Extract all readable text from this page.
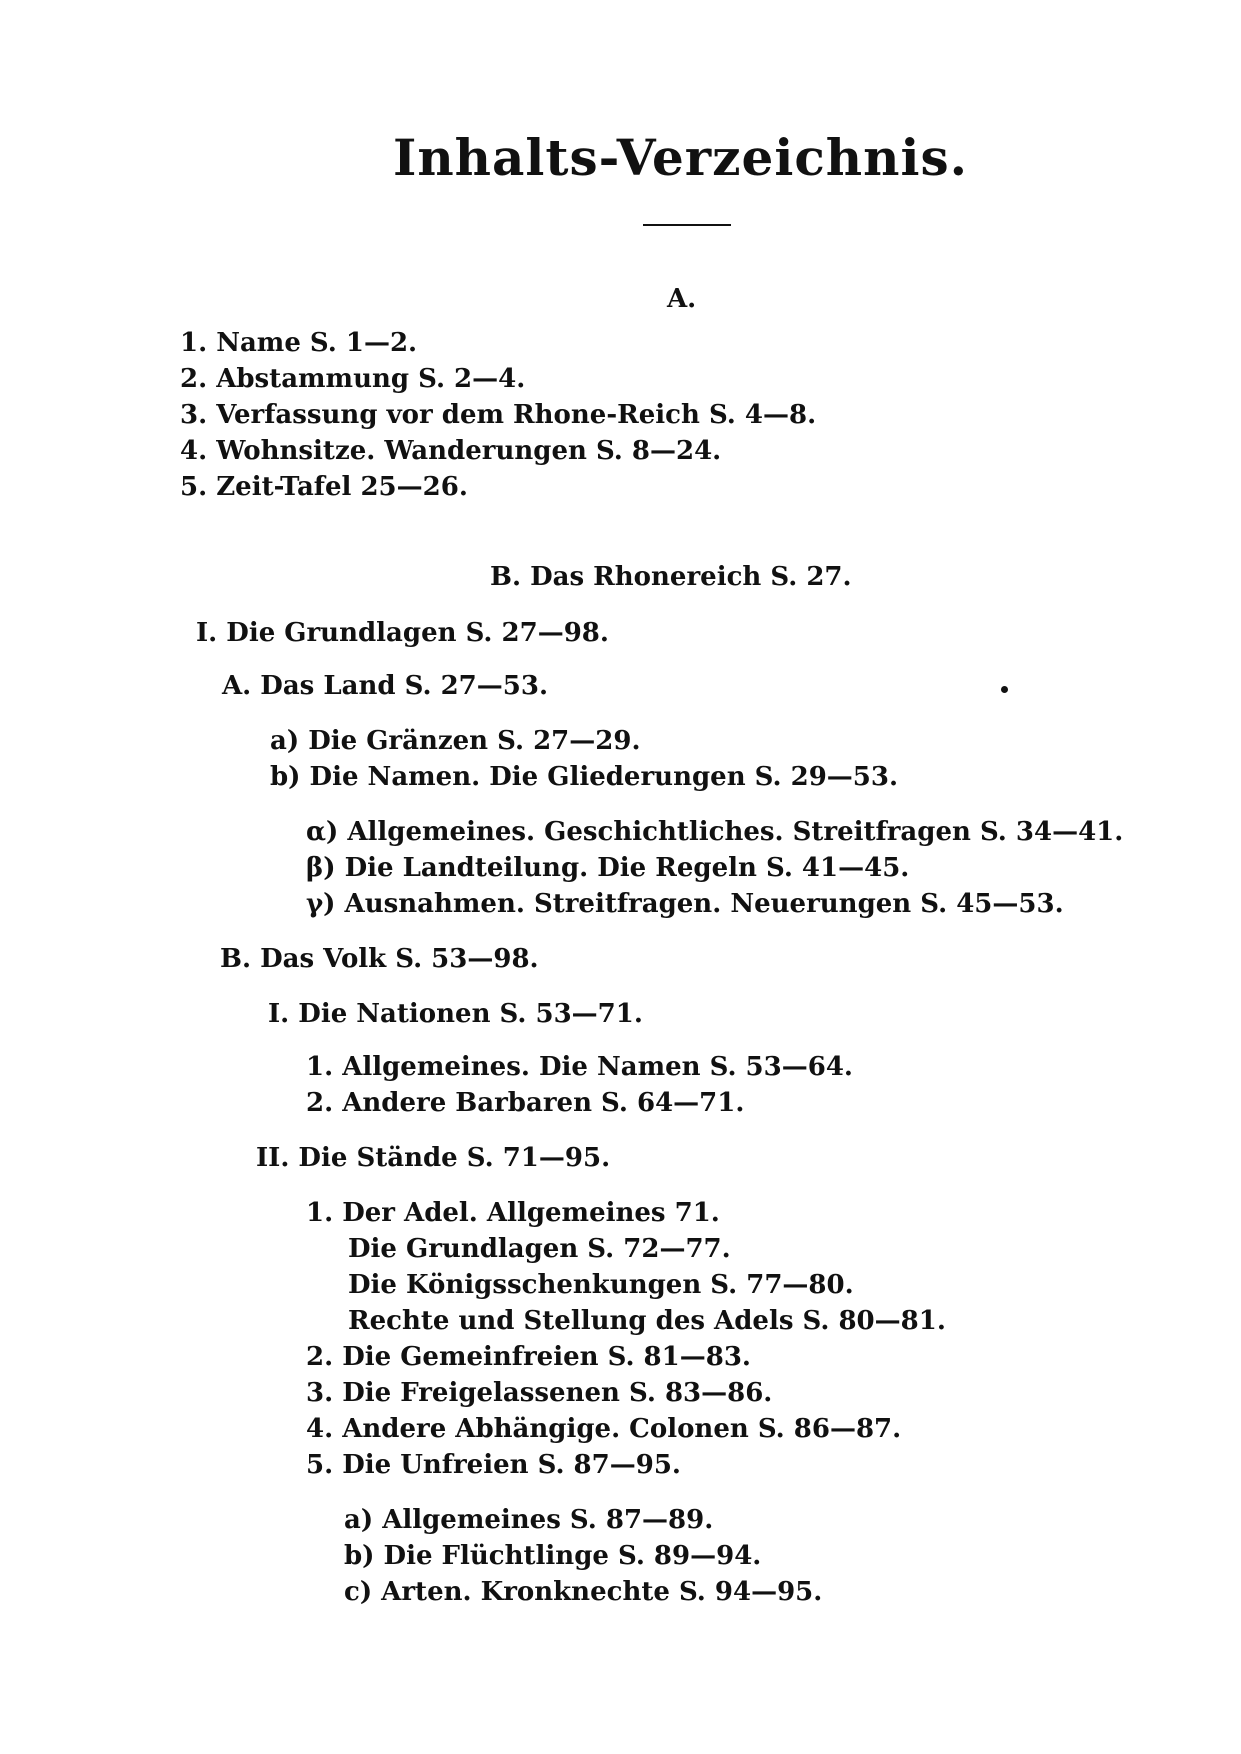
Inhalts-Verzeichnis.
A.
1. Name S. 1—2.
2. Abstammung S. 2—4.
3. Verfassung vor dem Rhone-Reich S. 4—8.
4. Wohnsitze. Wanderungen S. 8—24.
5. Zeit-Tafel 25—26.
B. Das Rhonereich S. 27.
I. Die Grundlagen S. 27—98.
A. Das Land S. 27—53.
a) Die Gränzen S. 27—29.
b) Die Namen. Die Gliederungen S. 29—53.
α) Allgemeines. Geschichtliches. Streitfragen S. 34—41.
β) Die Landteilung. Die Regeln S. 41—45.
γ) Ausnahmen. Streitfragen. Neuerungen S. 45—53.
B. Das Volk S. 53—98.
I. Die Nationen S. 53—71.
1. Allgemeines. Die Namen S. 53—64.
2. Andere Barbaren S. 64—71.
II. Die Stände S. 71—95.
1. Der Adel. Allgemeines 71.
Die Grundlagen S. 72—77.
Die Königsschenkungen S. 77—80.
Rechte und Stellung des Adels S. 80—81.
2. Die Gemeinfreien S. 81—83.
3. Die Freigelassenen S. 83—86.
4. Andere Abhängige. Colonen S. 86—87.
5. Die Unfreien S. 87—95.
a) Allgemeines S. 87—89.
b) Die Flüchtlinge S. 89—94.
c) Arten. Kronknechte S. 94—95.
